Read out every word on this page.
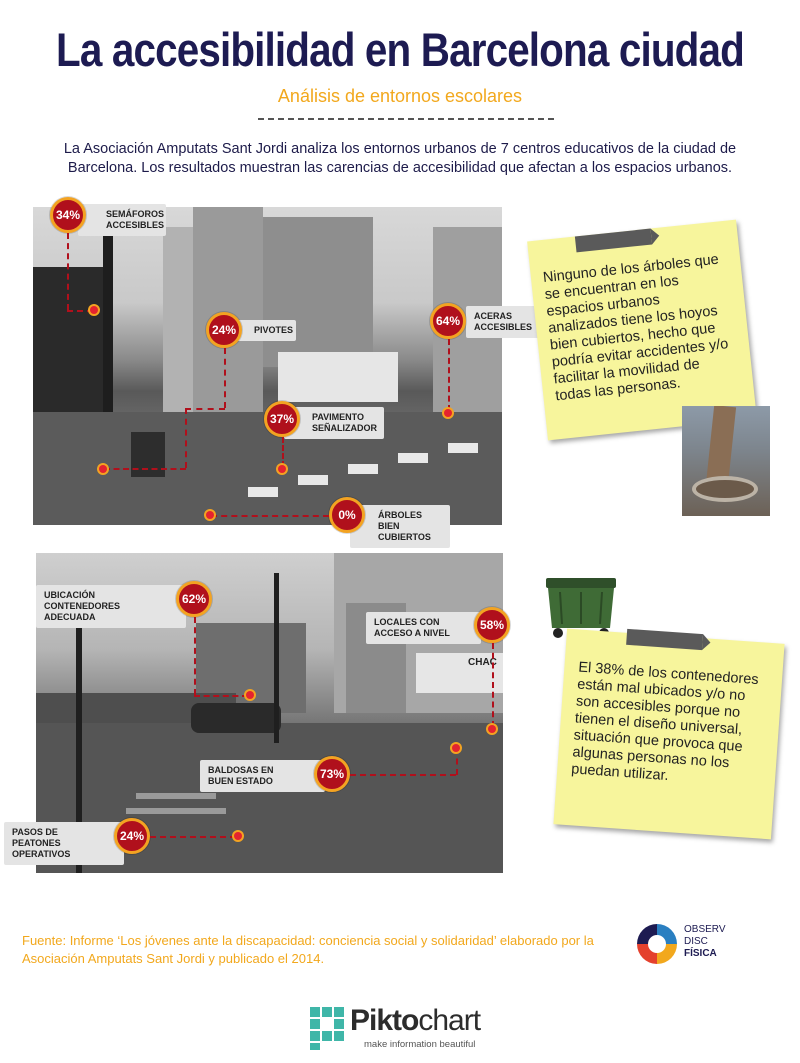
La accesibilidad en Barcelona ciudad
Análisis de entornos escolares
La Asociación Amputats Sant Jordi analiza los entornos urbanos de 7 centros educativos de la ciudad de Barcelona. Los resultados muestran las carencias de accesibilidad que afectan a los espacios urbanos.
SEMÁFOROS ACCESIBLES
34%
PIVOTES
24%
ACERAS ACCESIBLES
64%
PAVIMENTO SEÑALIZADOR
37%
ÁRBOLES BIEN CUBIERTOS
0%

Ninguno de los árboles que se encuentran en los espacios urbanos analizados tiene los hoyos bien cubiertos, hecho que podría evitar accidentes y/o facilitar la movilidad de todas las personas.

CHAC
UBICACIÓN CONTENEDORES ADECUADA
62%
LOCALES CON ACCESO A NIVEL
58%
BALDOSAS EN BUEN ESTADO	73%
PASOS DE PEATONES OPERATIVOS
24%

El 38% de los contenedores están mal ubicados y/o no son accesibles porque no tienen el diseño universal, situación que provoca que algunas personas no los puedan utilizar.

Fuente: Informe ‘Los jóvenes ante la discapacidad: conciencia social y solidaridad’ elaborado por la Asociación Amputats Sant Jordi y publicado el 2014.
OBSERV
DISC
FÍSICA
Piktochart
make information beautiful
